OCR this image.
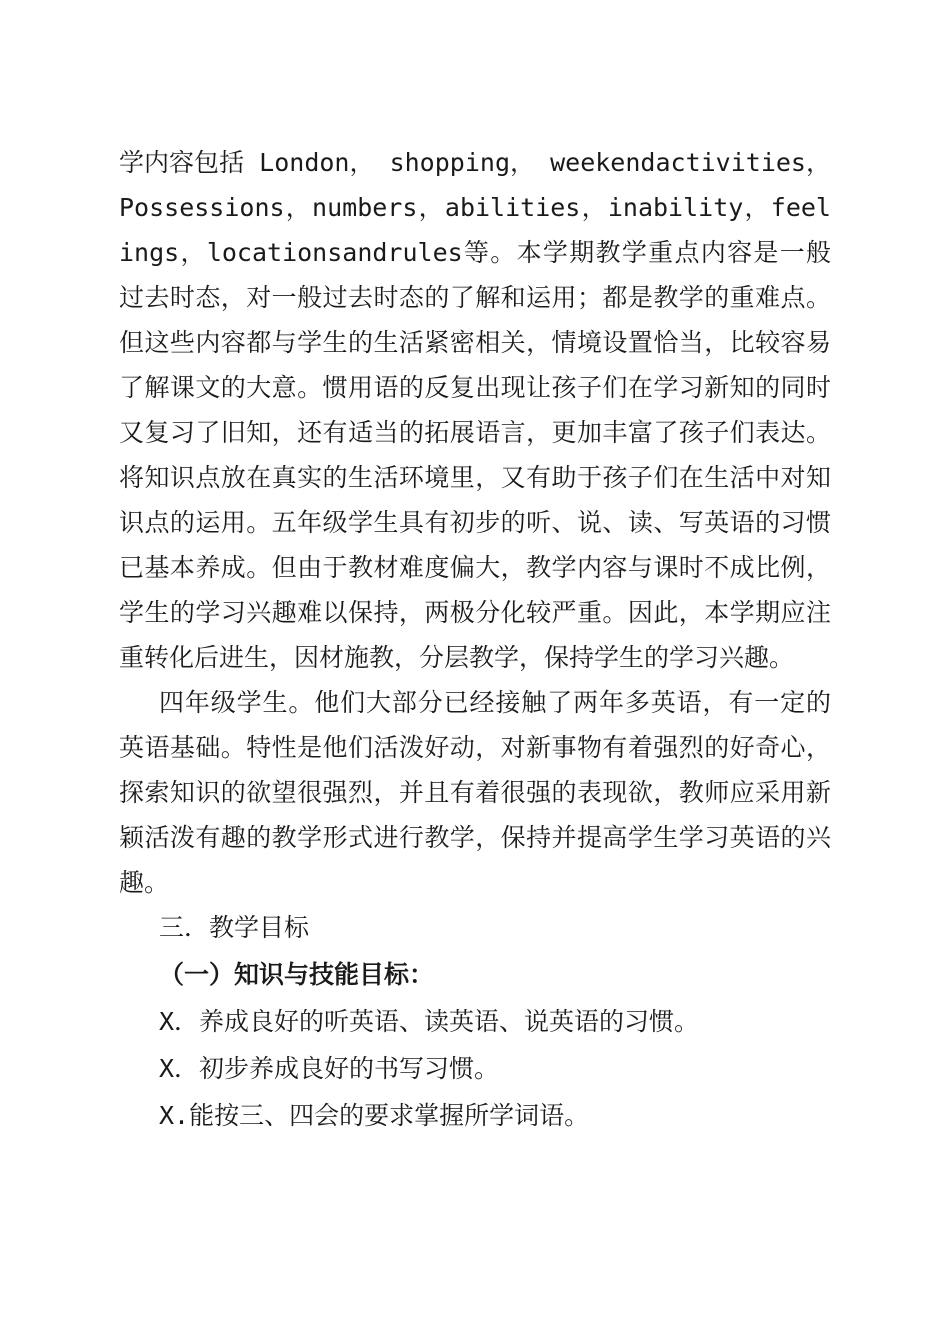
学内容包括 London， shopping， weekendactivities，Possessions，numbers，abilities，inability，feelings，locationsandrules等。本学期教学重点内容是一般过去时态，对一般过去时态的了解和运用；都是教学的重难点。但这些内容都与学生的生活紧密相关，情境设置恰当，比较容易了解课文的大意。惯用语的反复出现让孩子们在学习新知的同时又复习了旧知，还有适当的拓展语言，更加丰富了孩子们表达。将知识点放在真实的生活环境里，又有助于孩子们在生活中对知识点的运用。五年级学生具有初步的听、说、读、写英语的习惯已基本养成。但由于教材难度偏大，教学内容与课时不成比例，学生的学习兴趣难以保持，两极分化较严重。因此，本学期应注重转化后进生，因材施教，分层教学，保持学生的学习兴趣。

四年级学生。他们大部分已经接触了两年多英语，有一定的英语基础。特性是他们活泼好动，对新事物有着强烈的好奇心，探索知识的欲望很强烈，并且有着很强的表现欲，教师应采用新颖活泼有趣的教学形式进行教学，保持并提高学生学习英语的兴趣。

三．教学目标

（一）知识与技能目标：

X．养成良好的听英语、读英语、说英语的习惯。

X．初步养成良好的书写习惯。

X.能按三、四会的要求掌握所学词语。
